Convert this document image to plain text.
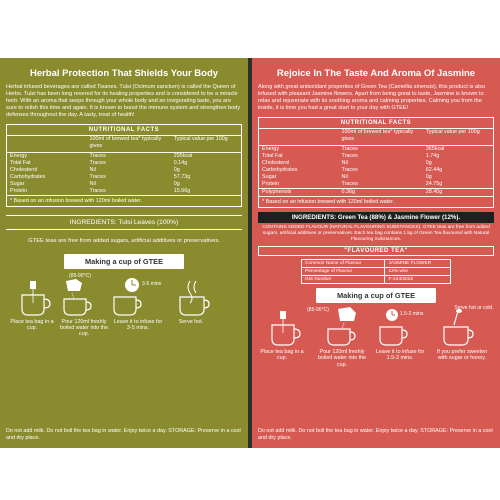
Herbal Protection That Shields Your Body
Herbal infused beverages are called Tisanes. Tulsi (Ocimum sanctum) is called the Queen of Herbs. Tulsi has been long revered for its healing properties and is considered to be a miracle herb. With an aroma that seeps through your whole body and an invigorating taste, you are sure to relish this time and again. It is known to boost the immune system and strengthen body defenses throughout the day. A tasty, treat of health!
NUTRITIONAL FACTS
	100ml of brewed tea* typically gives	Typical value per 100g
Energy	Traces	295kcal
Total Fat	Traces	0.14g
Cholesterol	Nil	0g
Carbohydrates	Traces	57.73g
Sugar	Nil	0g
Protein	Traces	15.66g
* Based on an infusion brewed with 120ml boiled water.
INGREDIENTS: Tulsi Leaves (100%)
GTEE teas are free from added sugars, artificial additives or preservatives.
Making a cup of GTEE
(85-90°C)
3-5 mins
Place tea bag in a cup.
Pour 120ml freshly boiled water into the cup.
Leave it to infuse for 3-5 mins.
Serve hot.
Do not add milk. Do not boil the tea bag in water. Enjoy twice a day. STORAGE: Preserve in a cool and dry place.
Rejoice In The Taste And Aroma Of Jasmine
Along with great antioxidant properties of Green Tea (Camellia sinensis), this product is also infused with pleasant Jasmine flowers. Apart from being great to taste, Jasmine is known to relax and rejuvenate with its soothing aroma and calming properties. Calming you from the inside, it is time you had a great start to your day with GTEE!
NUTRITIONAL FACTS
	100ml of brewed tea* typically gives	Typical value per 100g
Energy	Traces	365kcal
Total Fat	Traces	1.74g
Cholesterol	Nil	0g
Carbohydrates	Traces	62.44g
Sugar	Nil	0g
Protein	Traces	24.75g
Polyphenols	0.36g	28.40g
* Based on an infusion brewed with 120ml boiled water.
INGREDIENTS: Green Tea (88%) & Jasmine Flower (12%).
CONTAINS ADDED FLAVOUR (NATURAL FLAVOURING SUBSTANCES). GTEE teas are free from added sugars, artificial additives or preservatives. Each tea bag contains 1.5g of Green Tea flavoured with Natural Flavouring Substances.
"FLAVOURED TEA"
Common Name of Flavour	JASMINE FLOWER
Percentage of Flavour	12% w/w
INS Number	F-244/2015
Making a cup of GTEE
(85-90°C)
1.5-2 mins
Serve hot or cold.
Place tea bag in a cup.
Pour 120ml freshly boiled water into the cup.
Leave it to infuse for 1.5-2 mins.
If you prefer sweeten with sugar or honey.
Do not add milk. Do not boil the tea bag in water. Enjoy twice a day. STORAGE: Preserve in a cool and dry place.
